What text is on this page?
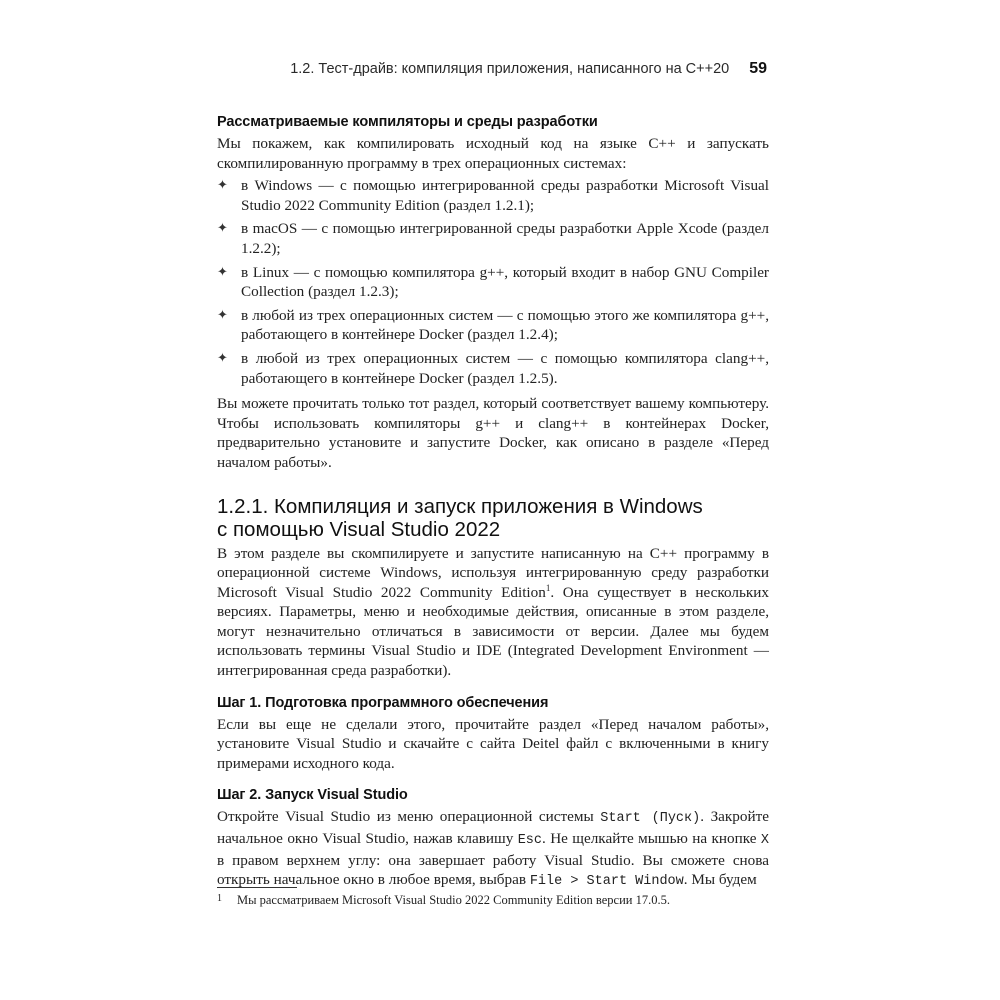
1.2. Тест-драйв: компиляция приложения, написанного на C++20 59
Рассматриваемые компиляторы и среды разработки

Мы покажем, как компилировать исходный код на языке C++ и запускать скомпилированную программу в трех операционных системах:

✦ в Windows — с помощью интегрированной среды разработки Microsoft Visual Studio 2022 Community Edition (раздел 1.2.1);
✦ в macOS — с помощью интегрированной среды разработки Apple Xcode (раздел 1.2.2);
✦ в Linux — с помощью компилятора g++, который входит в набор GNU Compiler Collection (раздел 1.2.3);
✦ в любой из трех операционных систем — с помощью этого же компилятора g++, работающего в контейнере Docker (раздел 1.2.4);
✦ в любой из трех операционных систем — с помощью компилятора clang++, работающего в контейнере Docker (раздел 1.2.5).

Вы можете прочитать только тот раздел, который соответствует вашему компьютеру. Чтобы использовать компиляторы g++ и clang++ в контейнерах Docker, предварительно установите и запустите Docker, как описано в разделе «Перед началом работы».

1.2.1. Компиляция и запуск приложения в Windows
с помощью Visual Studio 2022

В этом разделе вы скомпилируете и запустите написанную на C++ программу в операционной системе Windows, используя интегрированную среду разработки Microsoft Visual Studio 2022 Community Edition$^1$. Она существует в нескольких версиях. Параметры, меню и необходимые действия, описанные в этом разделе, могут незначительно отличаться в зависимости от версии. Далее мы будем использовать термины Visual Studio и IDE (Integrated Development Environment — интегрированная среда разработки).

Шаг 1. Подготовка программного обеспечения

Если вы еще не сделали этого, прочитайте раздел «Перед началом работы», установите Visual Studio и скачайте с сайта Deitel файл с включенными в книгу примерами исходного кода.

Шаг 2. Запуск Visual Studio

Откройте Visual Studio из меню операционной системы Start (Пуск). Закройте начальное окно Visual Studio, нажав клавишу Esc. Не щелкайте мышью на кнопке X в правом верхнем углу: она завершает работу Visual Studio. Вы сможете снова открыть начальное окно в любое время, выбрав File > Start Window. Мы будем

1 Мы рассматриваем Microsoft Visual Studio 2022 Community Edition версии 17.0.5.
